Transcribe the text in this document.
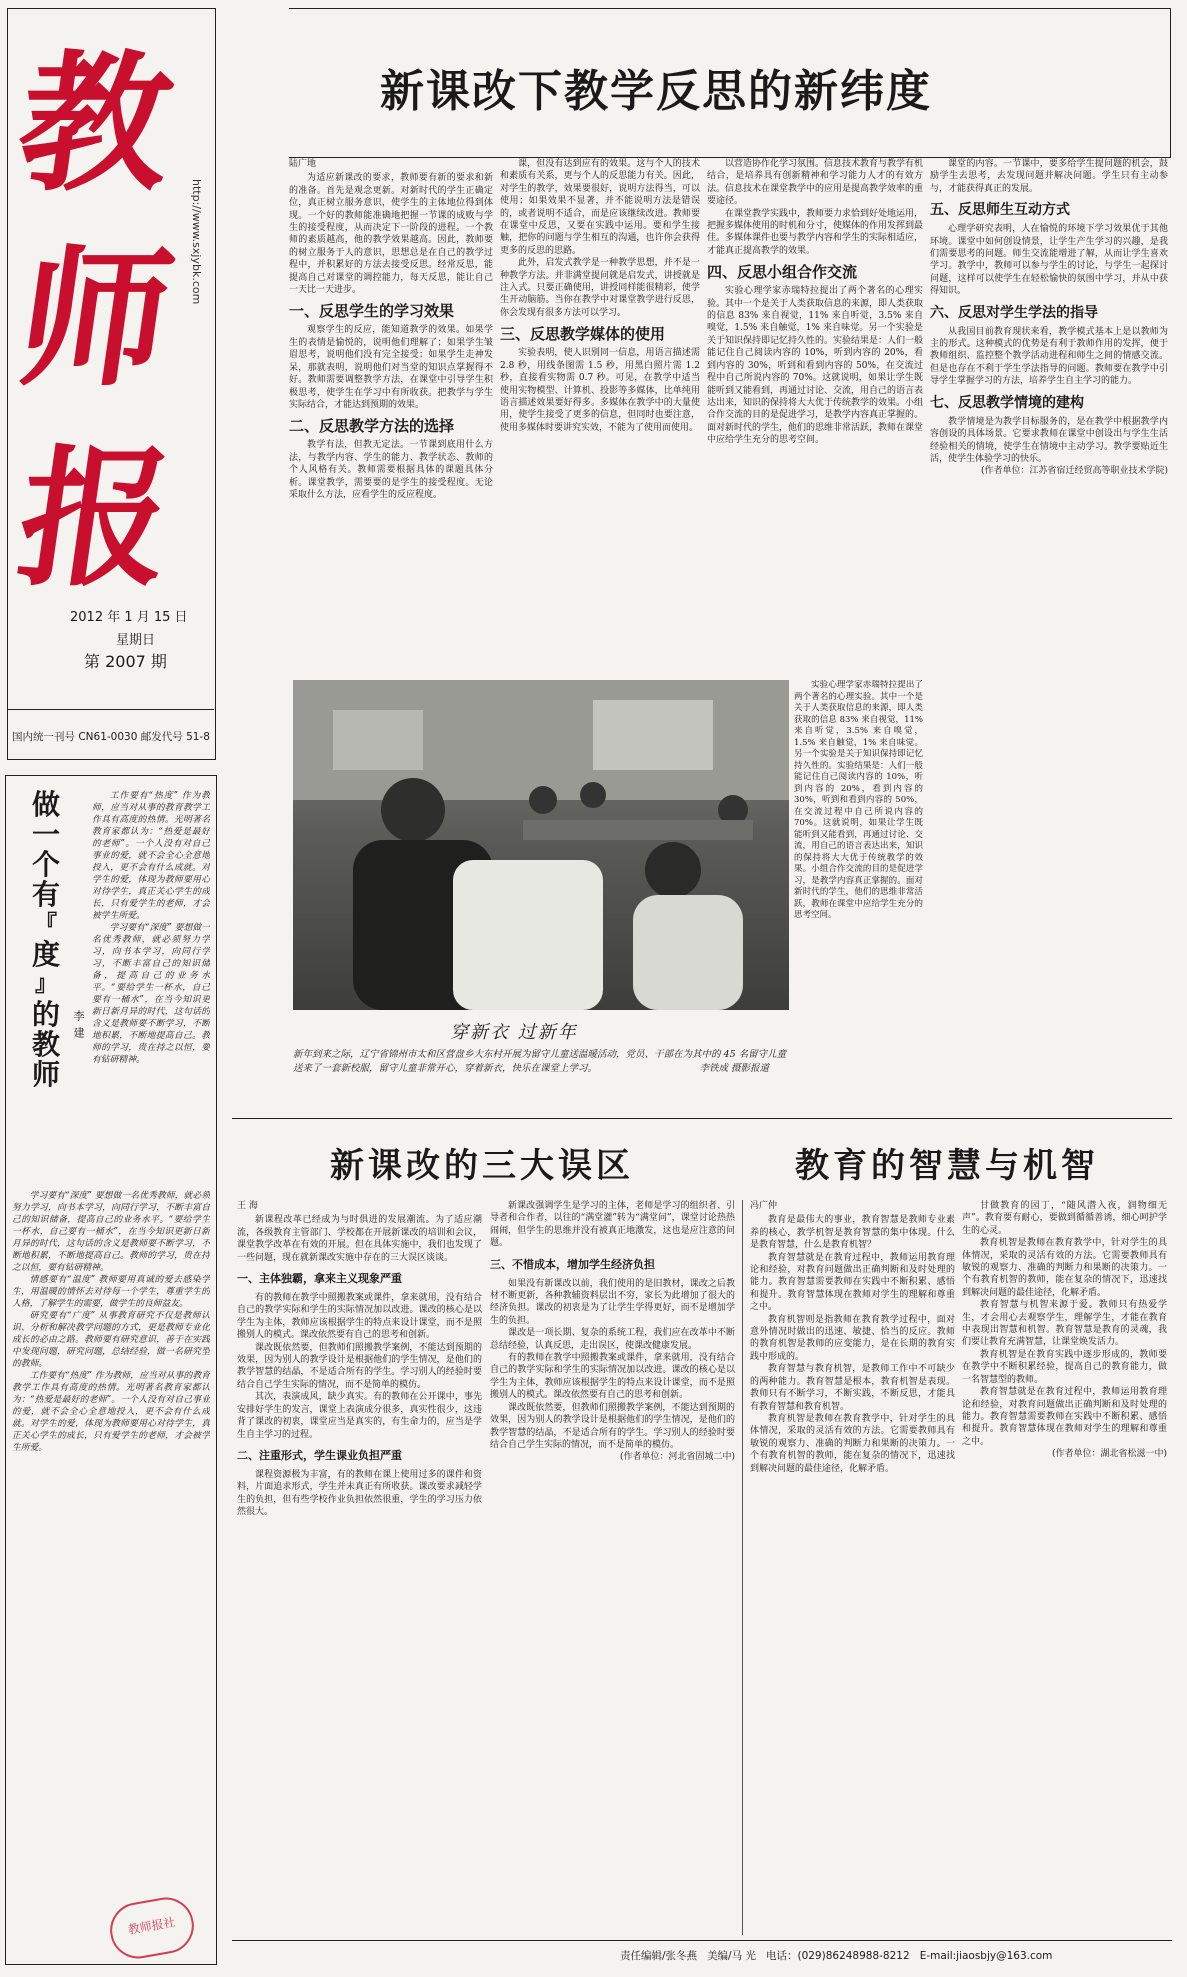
教
师
报
http://www.sxjybk.com
2012 年 1 月 15 日
星期日
第 2007 期
国内统一刊号 CN61-0030 邮发代号 51-8
新课改下教学反思的新纬度
陆广地

为适应新课改的要求，教师要有新的要求和新的准备。首先是观念更新。对新时代的学生正确定位，真正树立服务意识，使学生的主体地位得到体现。一个好的教师能准确地把握一节课的成败与学生的接受程度，从而决定下一阶段的进程。一个教师的素质越高，他的教学效果越高。因此，教师要的树立服务于人的意识，思想总是在自己的教学过程中，并积累好的方法去接受反思。经常反思，能提高自己对课堂的调控能力，每天反思，能让自己一天比一天进步。

一、反思学生的学习效果

观察学生的反应，能知道教学的效果。如果学生的表情是愉悦的，说明他们理解了；如果学生皱眉思考，说明他们没有完全接受；如果学生走神发呆，那就表明，说明他们对当堂的知识点掌握得不好。教师需要调整教学方法，在课堂中引导学生积极思考，使学生在学习中有所收获。把教学与学生实际结合，才能达到预期的效果。

二、反思教学方法的选择

教学有法，但教无定法。一节课到底用什么方法，与教学内容、学生的能力、教学状态、教师的个人风格有关。教师需要根据具体的课题具体分析。课堂教学，需要要的是学生的接受程度。无论采取什么方法，应看学生的反应程度。

课，但没有达到应有的效果。这与个人的技术和素质有关系，更与个人的反思能力有关。因此，对学生的教学，效果要很好，说明方法得当，可以使用；如果效果不显著，并不能说明方法是错误的，或者说明不适合，而是应该继续改进。教师要在课堂中反思，又要在实践中运用。要和学生接触，把你的问题与学生相互的沟通，也许你会获得更多的反思的思路。

此外，启发式教学是一种教学思想，并不是一种教学方法。并非满堂提问就是启发式，讲授就是注入式。只要正确使用，讲授同样能很精彩，使学生开动脑筋。当你在教学中对课堂教学进行反思，你会发现有很多方法可以学习。

三、反思教学媒体的使用

实验表明，使人识别同一信息，用语言描述需 2.8 秒，用线条图需 1.5 秒，用黑白照片需 1.2 秒，直接看实物需 0.7 秒。可见，在教学中适当使用实物模型、计算机、投影等多媒体，比单纯用语言描述效果要好得多。多媒体在教学中的大量使用，使学生接受了更多的信息，但同时也要注意，使用多媒体时要讲究实效，不能为了使用而使用。

以营造协作化学习氛围。信息技术教育与教学有机结合，是培养具有创新精神和学习能力人才的有效方法。信息技术在课堂教学中的应用是提高教学效率的重要途径。

在课堂教学实践中，教师要力求恰到好处地运用，把握多媒体使用的时机和分寸，使媒体的作用发挥到最佳。多媒体课件也要与教学内容和学生的实际相适应，才能真正提高教学的效果。

四、反思小组合作交流

实验心理学家赤瑞特拉提出了两个著名的心理实验。其中一个是关于人类获取信息的来源，即人类获取的信息 83% 来自视觉，11% 来自听觉，3.5% 来自嗅觉，1.5% 来自触觉，1% 来自味觉。另一个实验是关于知识保持即记忆持久性的。实验结果是：人们一般能记住自己阅读内容的 10%，听到内容的 20%，看到内容的 30%，听到和看到内容的 50%，在交流过程中自己所说内容的 70%。这就说明，如果让学生既能听到又能看到，再通过讨论、交流，用自己的语言表达出来，知识的保持将大大优于传统教学的效果。小组合作交流的目的是促进学习，是教学内容真正掌握的。面对新时代的学生，他们的思维非常活跃，教师在课堂中应给学生充分的思考空间。

实验心理学家赤瑞特拉提出了两个著名的心理实验。其中一个是关于人类获取信息的来源，即人类获取的信息 83% 来自视觉，11% 来自听觉，3.5% 来自嗅觉，1.5% 来自触觉，1% 来自味觉。另一个实验是关于知识保持即记忆持久性的。实验结果是：人们一般能记住自己阅读内容的 10%，听到内容的 20%，看到内容的 30%，听到和看到内容的 50%，在交流过程中自己所说内容的 70%。这就说明，如果让学生既能听到又能看到，再通过讨论、交流，用自己的语言表达出来，知识的保持将大大优于传统教学的效果。小组合作交流的目的是促进学习，是教学内容真正掌握的。面对新时代的学生，他们的思维非常活跃，教师在课堂中应给学生充分的思考空间。

课堂的内容。一节课中，要多给学生提问题的机会，鼓励学生去思考，去发现问题并解决问题。学生只有主动参与，才能获得真正的发展。

五、反思师生互动方式

心理学研究表明，人在愉悦的环境下学习效果优于其他环境。课堂中如何创设情景，让学生产生学习的兴趣，是我们需要思考的问题。师生交流能增进了解，从而让学生喜欢学习。教学中，教师可以参与学生的讨论，与学生一起探讨问题，这样可以使学生在轻松愉快的氛围中学习，并从中获得知识。

六、反思对学生学法的指导

从我国目前教育现状来看，教学模式基本上是以教师为主的形式。这种模式的优势是有利于教师作用的发挥，便于教师组织、监控整个教学活动进程和师生之间的情感交流。但是也存在不利于学生学法指导的问题。教师要在教学中引导学生掌握学习的方法，培养学生自主学习的能力。

七、反思教学情境的建构

教学情境是为教学目标服务的，是在教学中根据教学内容创设的具体场景。它要求教师在课堂中创设出与学生生活经验相关的情境，使学生在情境中主动学习。教学要贴近生活，使学生体验学习的快乐。

(作者单位：江苏省宿迁经贸高等职业技术学院)
穿新衣 过新年
新年到来之际，辽宁省锦州市太和区营盘乡大东村开展为留守儿童送温暖活动，党员、干部在为其中的 45 名留守儿童送来了一套新校服，留守儿童非常开心，穿着新衣，快乐在课堂上学习。	李铁成 摄影报道
做
一
个
有
『
度
』
的
教
师
李建

工作要有“热度” 作为教师，应当对从事的教育教学工作具有高度的热情。光明著名教育家都认为：“热爱是最好的老师”。一个人没有对自己事业的爱，就不会全心全意地投入，更不会有什么成就。对学生的爱，体现为教师要用心对待学生，真正关心学生的成长，只有爱学生的老师，才会被学生所爱。

学习要有“深度” 要想做一名优秀教师，就必须努力学习，向书本学习，向同行学习，不断丰富自己的知识储备，提高自己的业务水平。“要给学生一杯水，自己要有一桶水”，在当今知识更新日新月异的时代，这句话的含义是教师要不断学习，不断地积累，不断地提高自己。教师的学习，贵在持之以恒，要有钻研精神。

学习要有“深度” 要想做一名优秀教师，就必须努力学习，向书本学习，向同行学习，不断丰富自己的知识储备，提高自己的业务水平。“要给学生一杯水，自己要有一桶水”，在当今知识更新日新月异的时代，这句话的含义是教师要不断学习，不断地积累，不断地提高自己。教师的学习，贵在持之以恒，要有钻研精神。

情感要有“温度” 教师要用真诚的爱去感染学生，用温暖的情怀去对待每一个学生，尊重学生的人格，了解学生的需要，做学生的良师益友。

研究要有“广度” 从事教育研究不仅是教师认识、分析和解决教学问题的方式，更是教师专业化成长的必由之路。教师要有研究意识，善于在实践中发现问题，研究问题，总结经验，做一名研究型的教师。

工作要有“热度” 作为教师，应当对从事的教育教学工作具有高度的热情。光明著名教育家都认为：“热爱是最好的老师”。一个人没有对自己事业的爱，就不会全心全意地投入，更不会有什么成就。对学生的爱，体现为教师要用心对待学生，真正关心学生的成长，只有爱学生的老师，才会被学生所爱。

教师报社
新课改的三大误区	教育的智慧与机智
王 海

新课程改革已经成为与时俱进的发展潮流。为了适应潮流，各级教育主管部门、学校都在开展新课改的培训和会议，课堂教学改革在有效的开展。但在具体实施中，我们也发现了一些问题，现在就新课改实施中存在的三大误区谈谈。

一、主体独霸，拿来主义现象严重

有的教师在教学中照搬教案或课件，拿来就用，没有结合自己的教学实际和学生的实际情况加以改进。课改的核心是以学生为主体，教师应该根据学生的特点来设计课堂，而不是照搬别人的模式。课改依然要有自己的思考和创新。

课改既依然要，但教师们照搬教学案例，不能达到预期的效果，因为别人的教学设计是根据他们的学生情况，是他们的教学智慧的结晶，不是适合所有的学生。学习别人的经验时要结合自己学生实际的情况，而不是简单的模仿。

其次，表演成风，缺少真实。有的教师在公开课中，事先安排好学生的发言，课堂上表演成分很多，真实性很少，这违背了课改的初衷，课堂应当是真实的，有生命力的，应当是学生自主学习的过程。

二、注重形式，学生课业负担严重

课程资源极为丰富，有的教师在课上使用过多的课件和资料，片面追求形式，学生并未真正有所收获。课改要求减轻学生的负担，但有些学校作业负担依然很重，学生的学习压力依然很大。

新课改强调学生是学习的主体，老师是学习的组织者、引导者和合作者，以往的“满堂灌”转为“满堂问”，课堂讨论热热闹闹，但学生的思维并没有被真正地激发，这也是应注意的问题。

三、不惜成本，增加学生经济负担

如果没有新课改以前，我们使用的是旧教材，课改之后教材不断更新，各种教辅资料层出不穷，家长为此增加了很大的经济负担。课改的初衷是为了让学生学得更好，而不是增加学生的负担。

课改是一项长期、复杂的系统工程，我们应在改革中不断总结经验，认真反思，走出误区，使课改健康发展。

有的教师在教学中照搬教案或课件，拿来就用，没有结合自己的教学实际和学生的实际情况加以改进。课改的核心是以学生为主体，教师应该根据学生的特点来设计课堂，而不是照搬别人的模式。课改依然要有自己的思考和创新。

课改既依然要，但教师们照搬教学案例，不能达到预期的效果，因为别人的教学设计是根据他们的学生情况，是他们的教学智慧的结晶，不是适合所有的学生。学习别人的经验时要结合自己学生实际的情况，而不是简单的模仿。

(作者单位：河北省固城二中)
冯广仲

教育是最伟大的事业，教育智慧是教师专业素养的核心，教学机智是教育智慧的集中体现。什么是教育智慧，什么是教育机智？

教育智慧就是在教育过程中，教师运用教育理论和经验，对教育问题做出正确判断和及时处理的能力。教育智慧需要教师在实践中不断积累、感悟和提升。教育智慧体现在教师对学生的理解和尊重之中。

教育机智则是指教师在教育教学过程中，面对意外情况时做出的迅速、敏捷、恰当的反应。教师的教育机智是教师的应变能力，是在长期的教育实践中形成的。

教育智慧与教育机智，是教师工作中不可缺少的两种能力。教育智慧是根本，教育机智是表现。教师只有不断学习，不断实践，不断反思，才能具有教育智慧和教育机智。

教育机智是教师在教育教学中，针对学生的具体情况，采取的灵活有效的方法。它需要教师具有敏锐的观察力、准确的判断力和果断的决策力。一个有教育机智的教师，能在复杂的情况下，迅速找到解决问题的最佳途径，化解矛盾。

甘做教育的园丁，“随风潜入夜，润物细无声”。教育要有耐心，要做到循循善诱，细心呵护学生的心灵。

教育机智是教师在教育教学中，针对学生的具体情况，采取的灵活有效的方法。它需要教师具有敏锐的观察力、准确的判断力和果断的决策力。一个有教育机智的教师，能在复杂的情况下，迅速找到解决问题的最佳途径，化解矛盾。

教育智慧与机智来源于爱。教师只有热爱学生，才会用心去观察学生，理解学生，才能在教育中表现出智慧和机智。教育智慧是教育的灵魂，我们要让教育充满智慧，让课堂焕发活力。

教育机智是在教育实践中逐步形成的，教师要在教学中不断积累经验，提高自己的教育能力，做一名智慧型的教师。

教育智慧就是在教育过程中，教师运用教育理论和经验，对教育问题做出正确判断和及时处理的能力。教育智慧需要教师在实践中不断积累、感悟和提升。教育智慧体现在教师对学生的理解和尊重之中。

(作者单位：湖北省松滋一中)
责任编辑/张冬燕 美编/马 光 电话：(029)86248988-8212 E-mail:jiaosbjy@163.com
